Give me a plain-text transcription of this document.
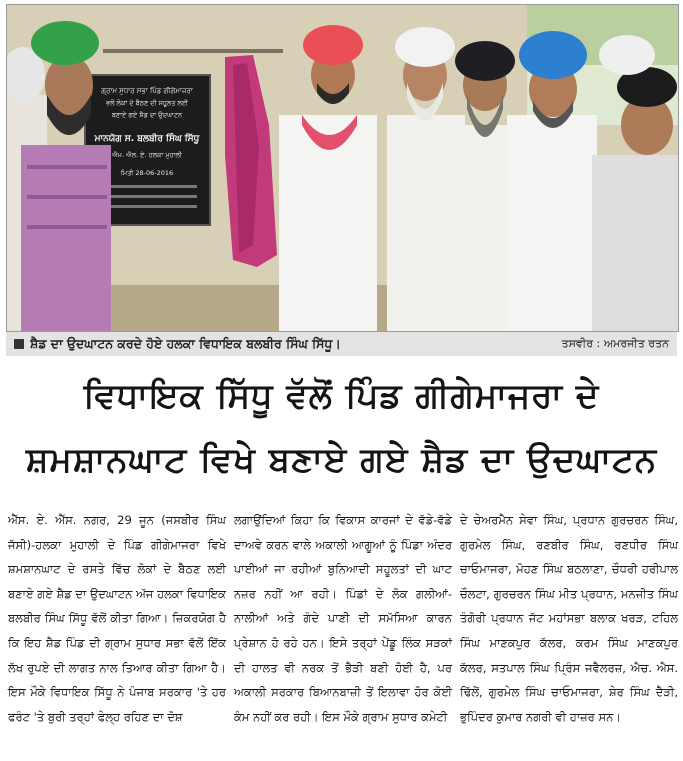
ਗ੍ਰਾਮ ਸੁਧਾਰ ਸਭਾ ਪਿੰਡ ਗੀਗੇਮਾਜਰਾ
ਵਲੋਂ ਲੋਕਾਂ ਦੇ ਬੈਠਣ ਦੀ ਸਹੂਲਤ ਲਈ
ਬਣਾਏ ਗਏ ਸ਼ੈਡ ਦਾ ਉਦਘਾਟਨ
ਮਾਨਯੋਗ ਸ. ਬਲਬੀਰ ਸਿੰਘ ਸਿੱਧੂ
ਐਮ. ਐਲ. ਏ. ਹਲਕਾ ਮੁਹਾਲੀ
ਮਿਤੀ 28-06-2016
ਸ਼ੈਡ ਦਾ ਉਦਘਾਟਨ ਕਰਦੇ ਹੋਏ ਹਲਕਾ ਵਿਧਾਇਕ ਬਲਬੀਰ ਸਿੰਘ ਸਿੱਧੂ।	ਤਸਵੀਰ : ਅਮਰਜੀਤ ਰਤਨ
ਵਿਧਾਇਕ ਸਿੱਧੂ ਵੱਲੋਂ ਪਿੰਡ ਗੀਗੇਮਾਜਰਾ ਦੇ
ਸ਼ਮਸ਼ਾਨਘਾਟ ਵਿਖੇ ਬਣਾਏ ਗਏ ਸ਼ੈਡ ਦਾ ਉਦਘਾਟਨ

ਐੱਸ. ਏ. ਐੱਸ. ਨਗਰ, 29 ਜੂਨ (ਜਸਬੀਰ ਸਿੰਘ ਜੱਸੀ)-ਹਲਕਾ ਮੁਹਾਲੀ ਦੇ ਪਿੰਡ ਗੀਗੇਮਾਜਰਾ ਵਿਖੇ ਸ਼ਮਸ਼ਾਨਘਾਟ ਦੇ ਰਸਤੇ ਵਿੱਚ ਲੋਕਾਂ ਦੇ ਬੈਠਣ ਲਈ ਬਣਾਏ ਗਏ ਸ਼ੈਡ ਦਾ ਉਦਘਾਟਨ ਅੱਜ ਹਲਕਾ ਵਿਧਾਇਕ ਬਲਬੀਰ ਸਿੰਘ ਸਿੱਧੂ ਵੱਲੋਂ ਕੀਤਾ ਗਿਆ। ਜ਼ਿਕਰਯੋਗ ਹੈ ਕਿ ਇਹ ਸ਼ੈਡ ਪਿੰਡ ਦੀ ਗ੍ਰਾਮ ਸੁਧਾਰ ਸਭਾ ਵੱਲੋਂ ਇੱਕ ਲੱਖ ਰੁਪਏ ਦੀ ਲਾਗਤ ਨਾਲ ਤਿਆਰ ਕੀਤਾ ਗਿਆ ਹੈ। ਇਸ ਮੌਕੇ ਵਿਧਾਇਕ ਸਿੱਧੂ ਨੇ ਪੰਜਾਬ ਸਰਕਾਰ 'ਤੇ ਹਰ ਫਰੰਟ 'ਤੇ ਬੁਰੀ ਤਰ੍ਹਾਂ ਫੇਲ੍ਹ ਰਹਿਣ ਦਾ ਦੋਸ਼

ਲਗਾਉਂਦਿਆਂ ਕਿਹਾ ਕਿ ਵਿਕਾਸ ਕਾਰਜਾਂ ਦੇ ਵੱਡੇ-ਵੱਡੇ ਦਾਅਵੇ ਕਰਨ ਵਾਲੇ ਅਕਾਲੀ ਆਗੂਆਂ ਨੂੰ ਪਿੰਡਾ ਅੰਦਰ ਪਾਈਆਂ ਜਾ ਰਹੀਆਂ ਬੁਨਿਆਦੀ ਸਹੂਲਤਾਂ ਦੀ ਘਾਟ ਨਜ਼ਰ ਨਹੀਂ ਆ ਰਹੀ। ਪਿੰਡਾਂ ਦੇ ਲੋਕ ਗਲੀਆਂ-ਨਾਲੀਆਂ ਅਤੇ ਗੰਦੇ ਪਾਣੀ ਦੀ ਸਮੱਸਿਆ ਕਾਰਨ ਪ੍ਰੇਸ਼ਾਨ ਹੋ ਰਹੇ ਹਨ। ਇਸੇ ਤਰ੍ਹਾਂ ਪੇਂਡੂ ਲਿੰਕ ਸੜਕਾਂ ਦੀ ਹਾਲਤ ਵੀ ਨਰਕ ਤੋਂ ਭੈੜੀ ਬਣੀ ਹੋਈ ਹੈ, ਪਰ ਅਕਾਲੀ ਸਰਕਾਰ ਬਿਆਨਬਾਜ਼ੀ ਤੋਂ ਇਲਾਵਾ ਹੋਰ ਕੋਈ ਕੰਮ ਨਹੀਂ ਕਰ ਰਹੀ। ਇਸ ਮੌਕੇ ਗ੍ਰਾਮ ਸੁਧਾਰ ਕਮੇਟੀ

ਦੇ ਚੇਅਰਮੈਨ ਸੇਵਾ ਸਿੰਘ, ਪ੍ਰਧਾਨ ਗੁਰਚਰਨ ਸਿੰਘ, ਗੁਰਮੇਲ ਸਿੰਘ, ਰਣਬੀਰ ਸਿੰਘ, ਰਣਧੀਰ ਸਿੰਘ ਚਾਓਮਾਜਰਾ, ਮੋਹਣ ਸਿੰਘ ਬਠਲਾਣਾ, ਚੌਧਰੀ ਹਰੀਪਾਲ ਚੌਲਟਾ, ਗੁਰਚਰਨ ਸਿੰਘ ਮੀਤ ਪ੍ਰਧਾਨ, ਮਨਜੀਤ ਸਿੰਘ ਤੰਗੋਰੀ ਪ੍ਰਧਾਨ ਜੱਟ ਮਹਾਂਸਭਾ ਬਲਾਕ ਖਰੜ, ਟਹਿਲ ਸਿੰਘ ਮਾਣਕਪੁਰ ਕੱਲਰ, ਕਰਮ ਸਿੰਘ ਮਾਣਕਪੁਰ ਕੱਲਰ, ਸਤਪਾਲ ਸਿੰਘ ਪ੍ਰਿੰਸ ਜਵੈਲਰਜ਼, ਐਚ. ਐਸ. ਢਿੱਲੋਂ, ਗੁਰਮੇਲ ਸਿੰਘ ਚਾਓਮਾਜਰਾ, ਸ਼ੇਰ ਸਿੰਘ ਦੈੜੀ, ਭੁਪਿੰਦਰ ਕੁਮਾਰ ਨਗਰੀ ਵੀ ਹਾਜ਼ਰ ਸਨ।
